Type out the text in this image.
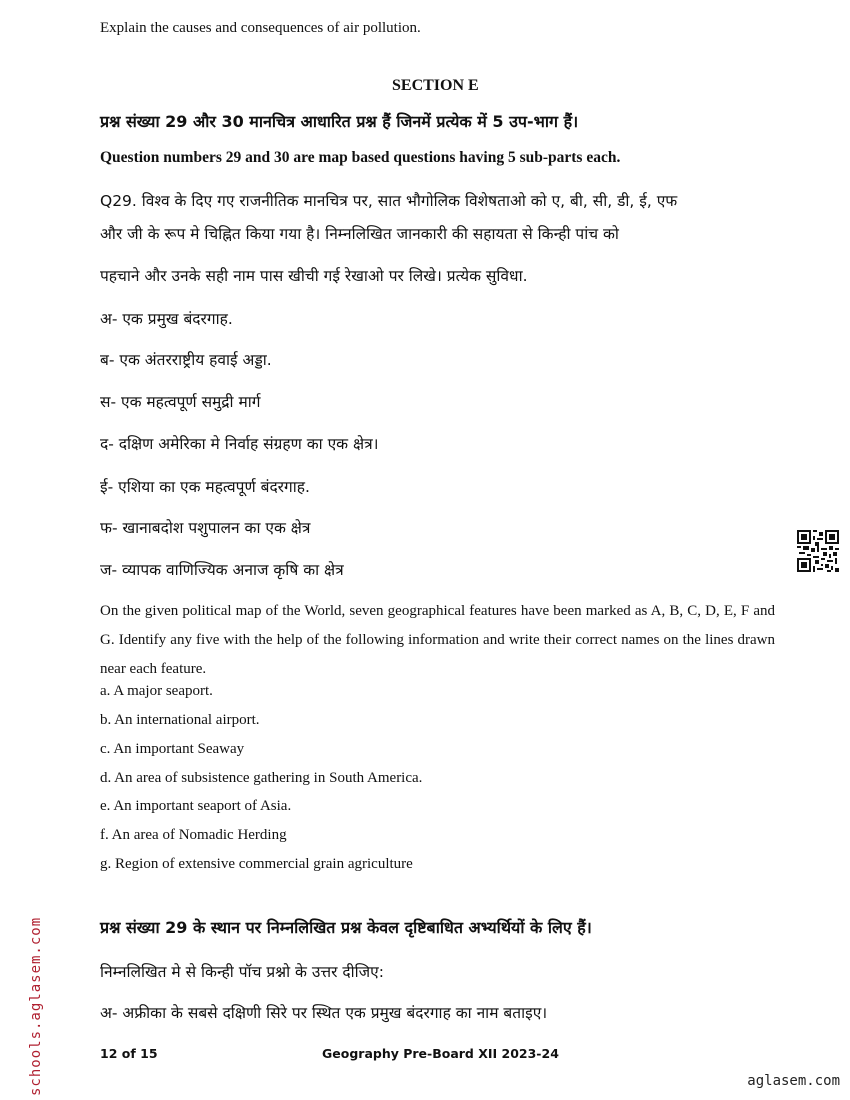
Explain the causes and consequences of air pollution.
SECTION E
प्रश्न संख्या 29 और 30 मानचित्र आधारित प्रश्न हैं जिनमें प्रत्येक में 5 उप-भाग हैं।
Question numbers 29 and 30 are map based questions having 5 sub-parts each.
Q29. विश्व के दिए गए राजनीतिक मानचित्र पर, सात भौगोलिक विशेषताओ को ए, बी, सी, डी, ई, एफ
और जी के रूप मे चिह्नित किया गया है। निम्नलिखित जानकारी की सहायता से किन्ही पांच को
पहचाने और उनके सही नाम पास खीची गई रेखाओ पर लिखे। प्रत्येक सुविधा.
अ- एक प्रमुख बंदरगाह.
ब- एक अंतरराष्ट्रीय हवाई अड्डा.
स- एक महत्वपूर्ण समुद्री मार्ग
द- दक्षिण अमेरिका मे निर्वाह संग्रहण का एक क्षेत्र।
ई- एशिया का एक महत्वपूर्ण बंदरगाह.
फ- खानाबदोश पशुपालन का एक क्षेत्र
ज- व्यापक वाणिज्यिक अनाज कृषि का क्षेत्र
On the given political map of the World, seven geographical features have been marked as A, B, C, D, E, F and G. Identify any five with the help of the following information and write their correct names on the lines drawn near each feature.
a. A major seaport.
b. An international airport.
c. An important Seaway
d. An area of subsistence gathering in South America.
e. An important seaport of Asia.
f. An area of Nomadic Herding
g. Region of extensive commercial grain agriculture
प्रश्न संख्या 29 के स्थान पर निम्नलिखित प्रश्न केवल दृष्टिबाधित अभ्यर्थियों के लिए हैं।
निम्नलिखित मे से किन्ही पॉच प्रश्नो के उत्तर दीजिए:
अ- अफ्रीका के सबसे दक्षिणी सिरे पर स्थित एक प्रमुख बंदरगाह का नाम बताइए।
12 of 15	Geography Pre-Board XII 2023-24
schools.aglasem.com	aglasem.com
